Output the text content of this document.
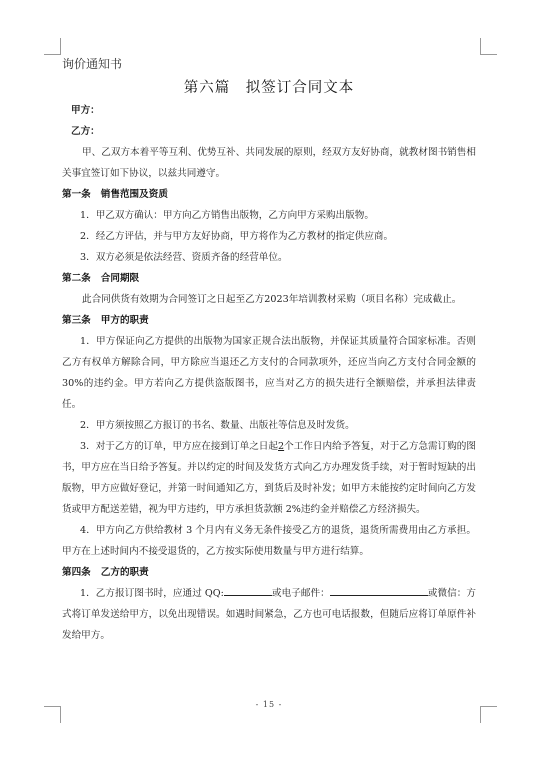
询价通知书
第六篇　拟签订合同文本

甲方：

乙方：

甲、乙双方本着平等互利、优势互补、共同发展的原则，经双方友好协商，就教材图书销售相关事宜签订如下协议，以兹共同遵守。

第一条 销售范围及资质

1．甲乙双方确认：甲方向乙方销售出版物，乙方向甲方采购出版物。

2．经乙方评估，并与甲方友好协商，甲方将作为乙方教材的指定供应商。

3．双方必须是依法经营、资质齐备的经营单位。

第二条 合同期限

此合同供货有效期为合同签订之日起至乙方2023年培训教材采购（项目名称）完成截止。

第三条 甲方的职责

1．甲方保证向乙方提供的出版物为国家正规合法出版物，并保证其质量符合国家标准。否则乙方有权单方解除合同，甲方除应当退还乙方支付的合同款项外，还应当向乙方支付合同金额的30%的违约金。甲方若向乙方提供盗版图书，应当对乙方的损失进行全额赔偿，并承担法律责任。

2．甲方须按照乙方报订的书名、数量、出版社等信息及时发货。

3．对于乙方的订单，甲方应在接到订单之日起2个工作日内给予答复，对于乙方急需订购的图书，甲方应在当日给予答复。并以约定的时间及发货方式向乙方办理发货手续，对于暂时短缺的出版物，甲方应做好登记，并第一时间通知乙方，到货后及时补发；如甲方未能按约定时间向乙方发货或甲方配送差错，视为甲方违约，甲方承担货款额 2%违约金并赔偿乙方经济损失。

4．甲方向乙方供给教材 3 个月内有义务无条件接受乙方的退货，退货所需费用由乙方承担。甲方在上述时间内不接受退货的，乙方按实际使用数量与甲方进行结算。

第四条 乙方的职责

1．乙方报订图书时，应通过 QQ:	或电子邮件：	或微信：方式将订单发送给甲方，以免出现错误。如遇时间紧急，乙方也可电话报数，但随后应将订单原件补发给甲方。

- 15 -
